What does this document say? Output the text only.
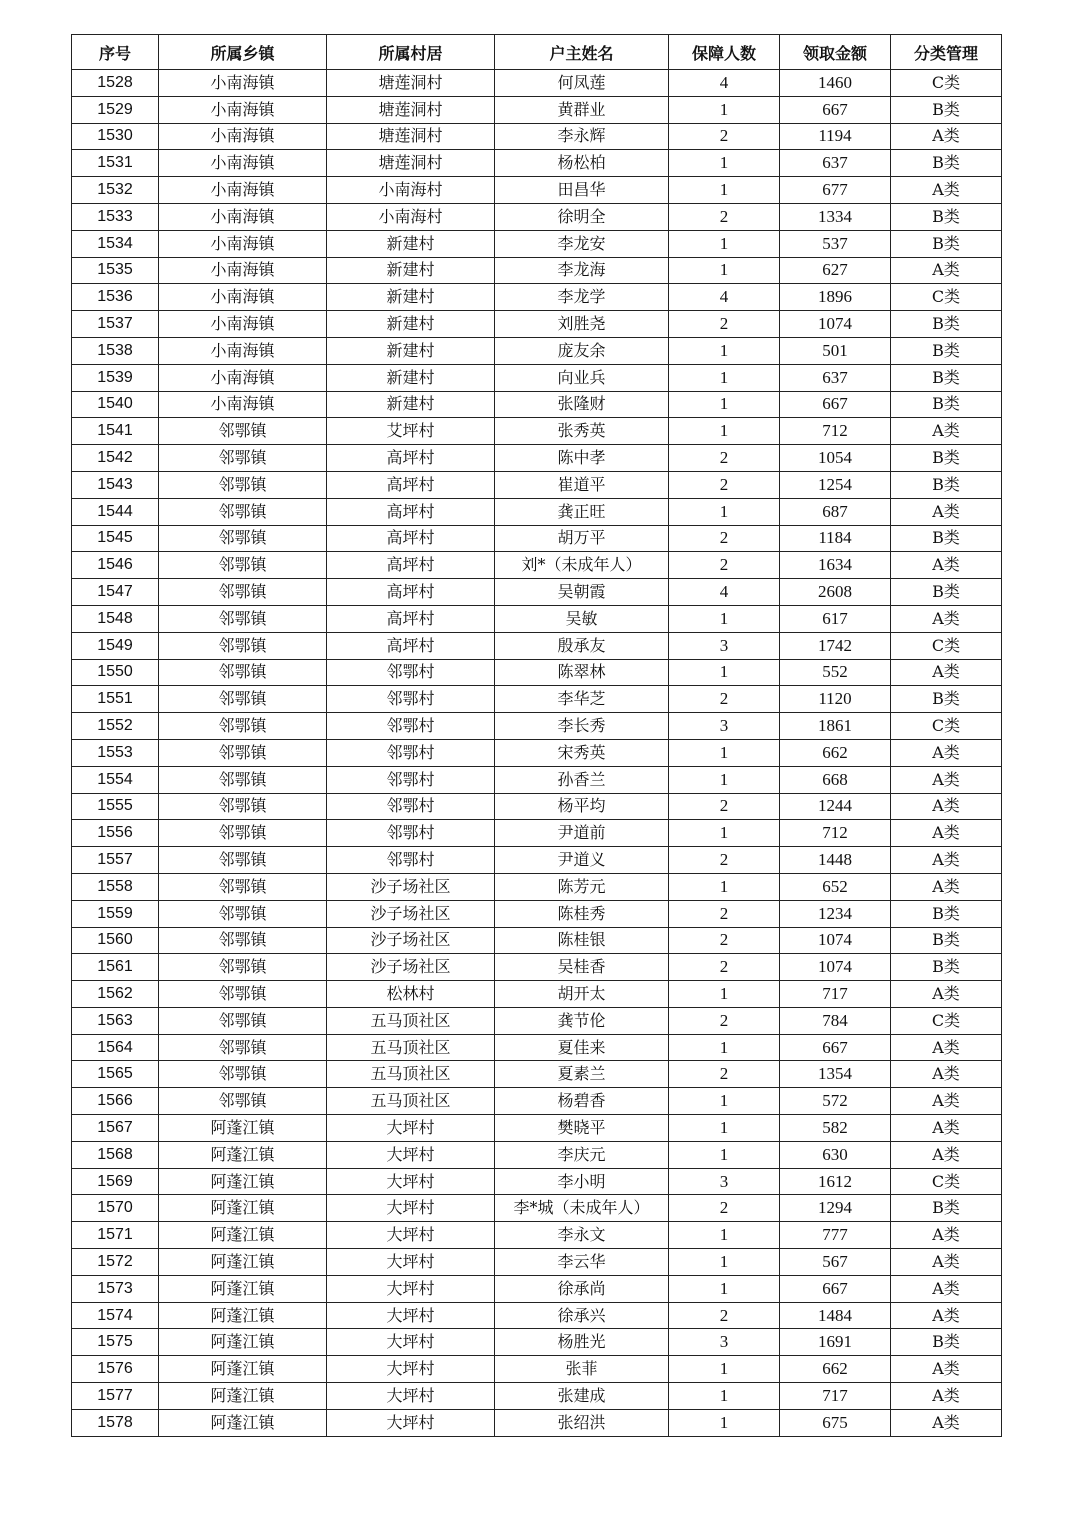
序号	所属乡镇	所属村居	户主姓名	保障人数	领取金额	分类管理
1528	小南海镇	塘莲洞村	何凤莲	4	1460	C类
1529	小南海镇	塘莲洞村	黄群业	1	667	B类
1530	小南海镇	塘莲洞村	李永辉	2	1194	A类
1531	小南海镇	塘莲洞村	杨松柏	1	637	B类
1532	小南海镇	小南海村	田昌华	1	677	A类
1533	小南海镇	小南海村	徐明全	2	1334	B类
1534	小南海镇	新建村	李龙安	1	537	B类
1535	小南海镇	新建村	李龙海	1	627	A类
1536	小南海镇	新建村	李龙学	4	1896	C类
1537	小南海镇	新建村	刘胜尧	2	1074	B类
1538	小南海镇	新建村	庞友余	1	501	B类
1539	小南海镇	新建村	向业兵	1	637	B类
1540	小南海镇	新建村	张隆财	1	667	B类
1541	邻鄂镇	艾坪村	张秀英	1	712	A类
1542	邻鄂镇	高坪村	陈中孝	2	1054	B类
1543	邻鄂镇	高坪村	崔道平	2	1254	B类
1544	邻鄂镇	高坪村	龚正旺	1	687	A类
1545	邻鄂镇	高坪村	胡万平	2	1184	B类
1546	邻鄂镇	高坪村	刘*（未成年人）	2	1634	A类
1547	邻鄂镇	高坪村	吴朝霞	4	2608	B类
1548	邻鄂镇	高坪村	吴敏	1	617	A类
1549	邻鄂镇	高坪村	殷承友	3	1742	C类
1550	邻鄂镇	邻鄂村	陈翠林	1	552	A类
1551	邻鄂镇	邻鄂村	李华芝	2	1120	B类
1552	邻鄂镇	邻鄂村	李长秀	3	1861	C类
1553	邻鄂镇	邻鄂村	宋秀英	1	662	A类
1554	邻鄂镇	邻鄂村	孙香兰	1	668	A类
1555	邻鄂镇	邻鄂村	杨平均	2	1244	A类
1556	邻鄂镇	邻鄂村	尹道前	1	712	A类
1557	邻鄂镇	邻鄂村	尹道义	2	1448	A类
1558	邻鄂镇	沙子场社区	陈芳元	1	652	A类
1559	邻鄂镇	沙子场社区	陈桂秀	2	1234	B类
1560	邻鄂镇	沙子场社区	陈桂银	2	1074	B类
1561	邻鄂镇	沙子场社区	吴桂香	2	1074	B类
1562	邻鄂镇	松林村	胡开太	1	717	A类
1563	邻鄂镇	五马顶社区	龚节伦	2	784	C类
1564	邻鄂镇	五马顶社区	夏佳来	1	667	A类
1565	邻鄂镇	五马顶社区	夏素兰	2	1354	A类
1566	邻鄂镇	五马顶社区	杨碧香	1	572	A类
1567	阿蓬江镇	大坪村	樊晓平	1	582	A类
1568	阿蓬江镇	大坪村	李庆元	1	630	A类
1569	阿蓬江镇	大坪村	李小明	3	1612	C类
1570	阿蓬江镇	大坪村	李*城（未成年人）	2	1294	B类
1571	阿蓬江镇	大坪村	李永文	1	777	A类
1572	阿蓬江镇	大坪村	李云华	1	567	A类
1573	阿蓬江镇	大坪村	徐承尚	1	667	A类
1574	阿蓬江镇	大坪村	徐承兴	2	1484	A类
1575	阿蓬江镇	大坪村	杨胜光	3	1691	B类
1576	阿蓬江镇	大坪村	张菲	1	662	A类
1577	阿蓬江镇	大坪村	张建成	1	717	A类
1578	阿蓬江镇	大坪村	张绍洪	1	675	A类
